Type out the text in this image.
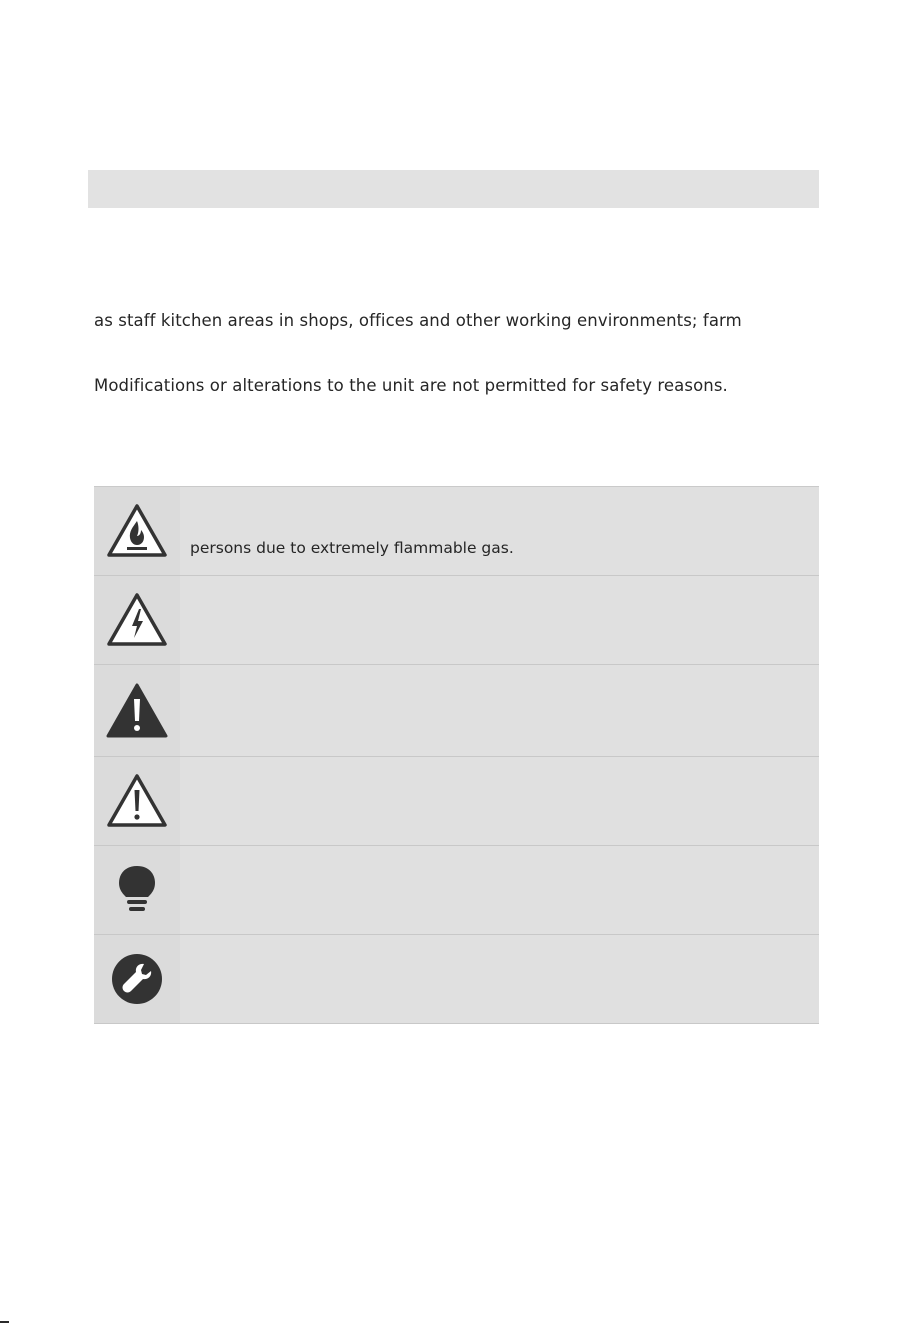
as staff kitchen areas in shops, offices and other working environments; farm
Modifications or alterations to the unit are not permitted for safety reasons.
persons due to extremely flammable gas.
